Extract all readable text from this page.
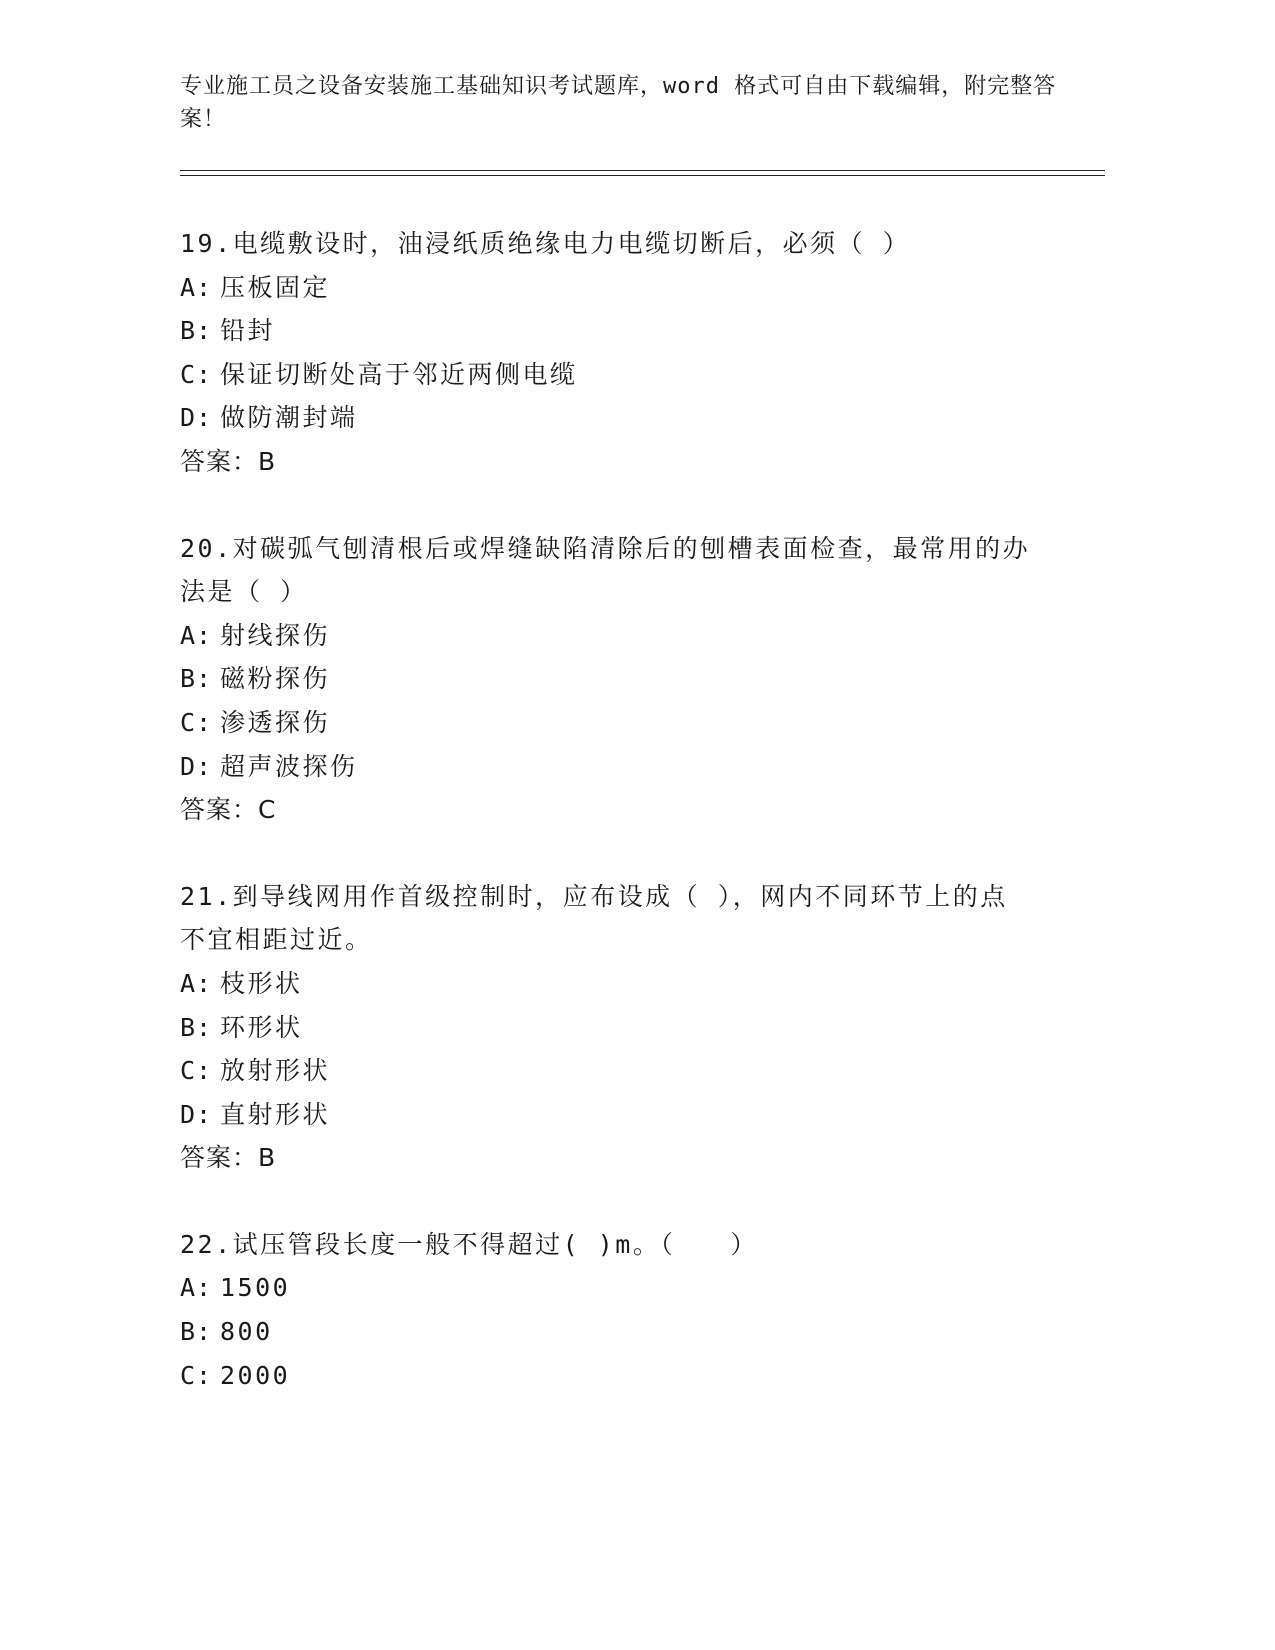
专业施工员之设备安装施工基础知识考试题库，word 格式可自由下载编辑，附完整答案！
19.电缆敷设时，油浸纸质绝缘电力电缆切断后，必须（ ）
A: 压板固定
B: 铅封
C: 保证切断处高于邻近两侧电缆
D: 做防潮封端
答案：B
20.对碳弧气刨清根后或焊缝缺陷清除后的刨槽表面检查，最常用的办
法是（ ）
A: 射线探伤
B: 磁粉探伤
C: 渗透探伤
D: 超声波探伤
答案：C
21.到导线网用作首级控制时，应布设成（ ），网内不同环节上的点
不宜相距过近。
A: 枝形状
B: 环形状
C: 放射形状
D: 直射形状
答案：B
22.试压管段长度一般不得超过( )m。（　　）
A: 1500
B: 800
C: 2000
